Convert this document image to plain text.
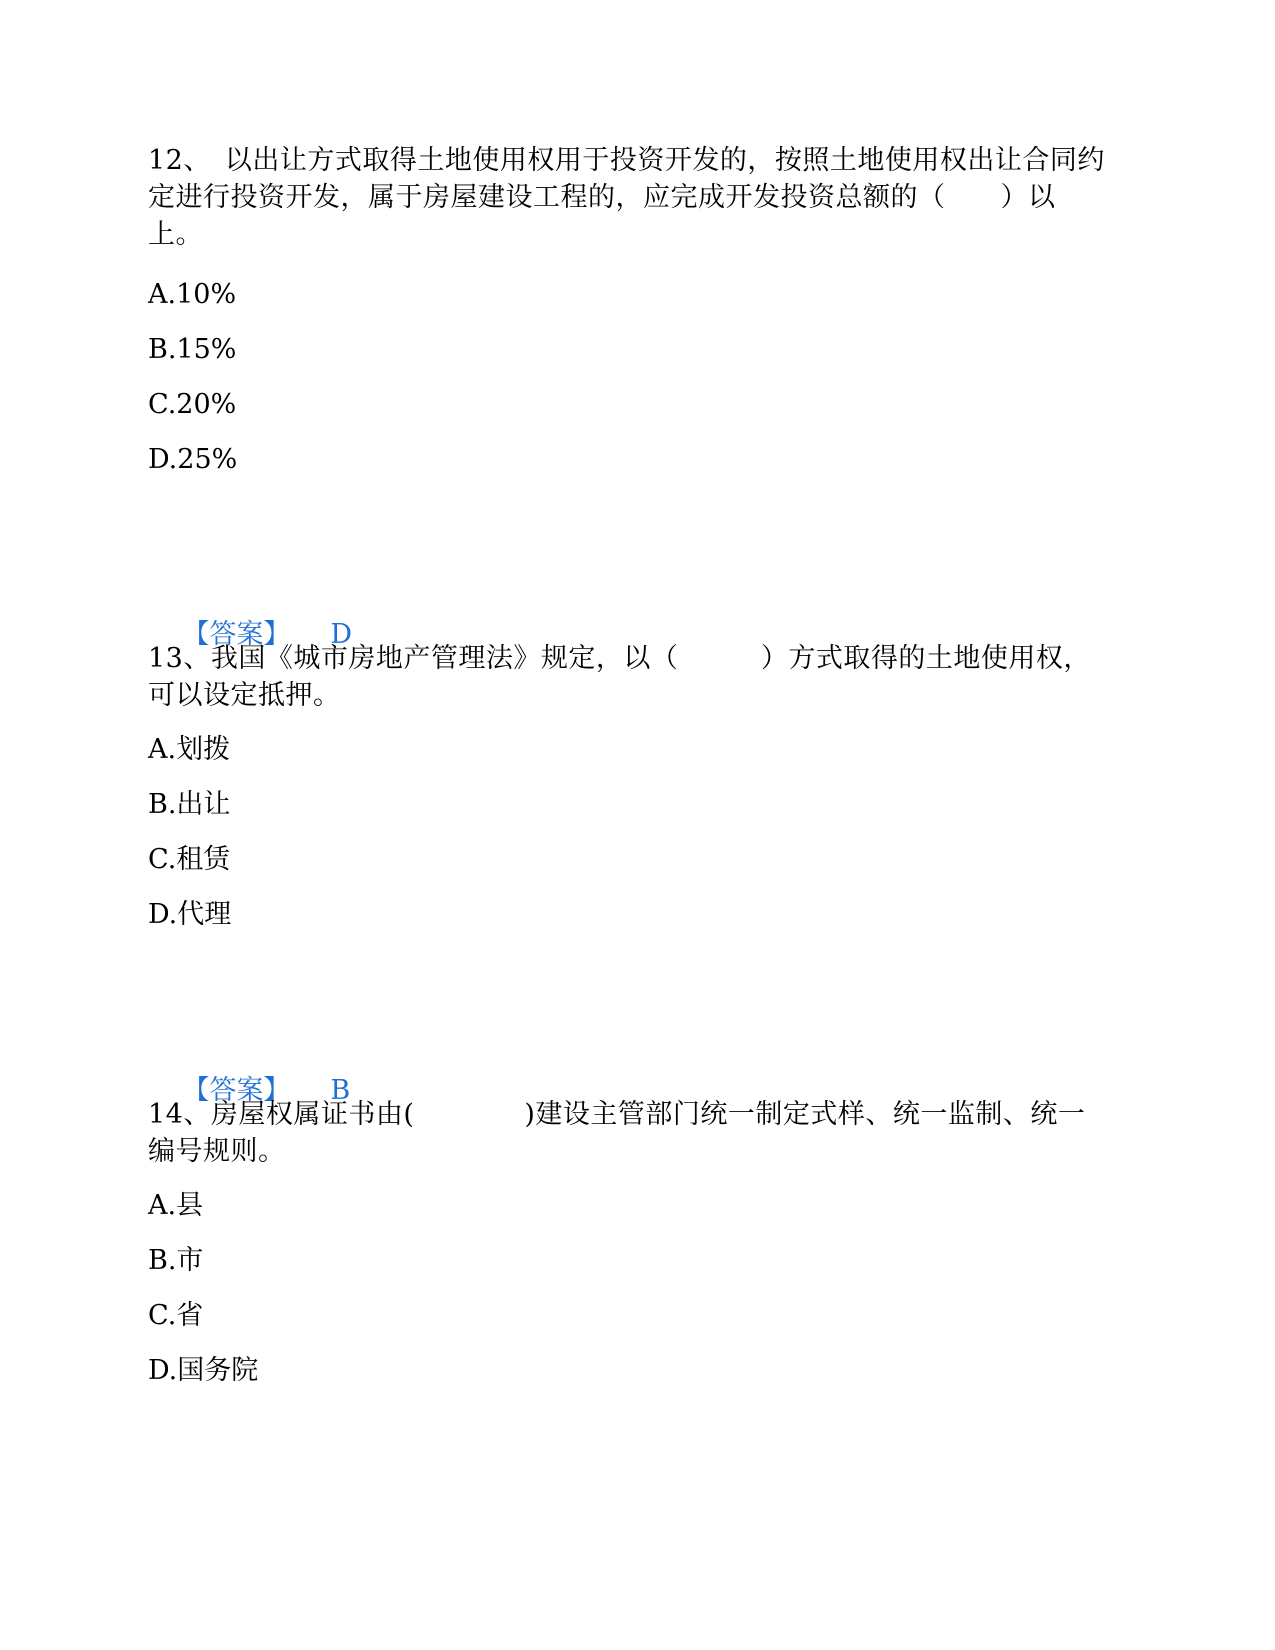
12、　以出让方式取得土地使用权用于投资开发的，按照土地使用权出让合同约定进行投资开发，属于房屋建设工程的，应完成开发投资总额的（　　）以上。

A.10%

B.15%

C.20%

D.25%

【答案】 D

13、我国《城市房地产管理法》规定，以（　　　）方式取得的土地使用权，可以设定抵押。

A.划拨

B.出让

C.租赁

D.代理

【答案】 B

14、房屋权属证书由(　　　　)建设主管部门统一制定式样、统一监制、统一编号规则。

A.县

B.市

C.省

D.国务院
